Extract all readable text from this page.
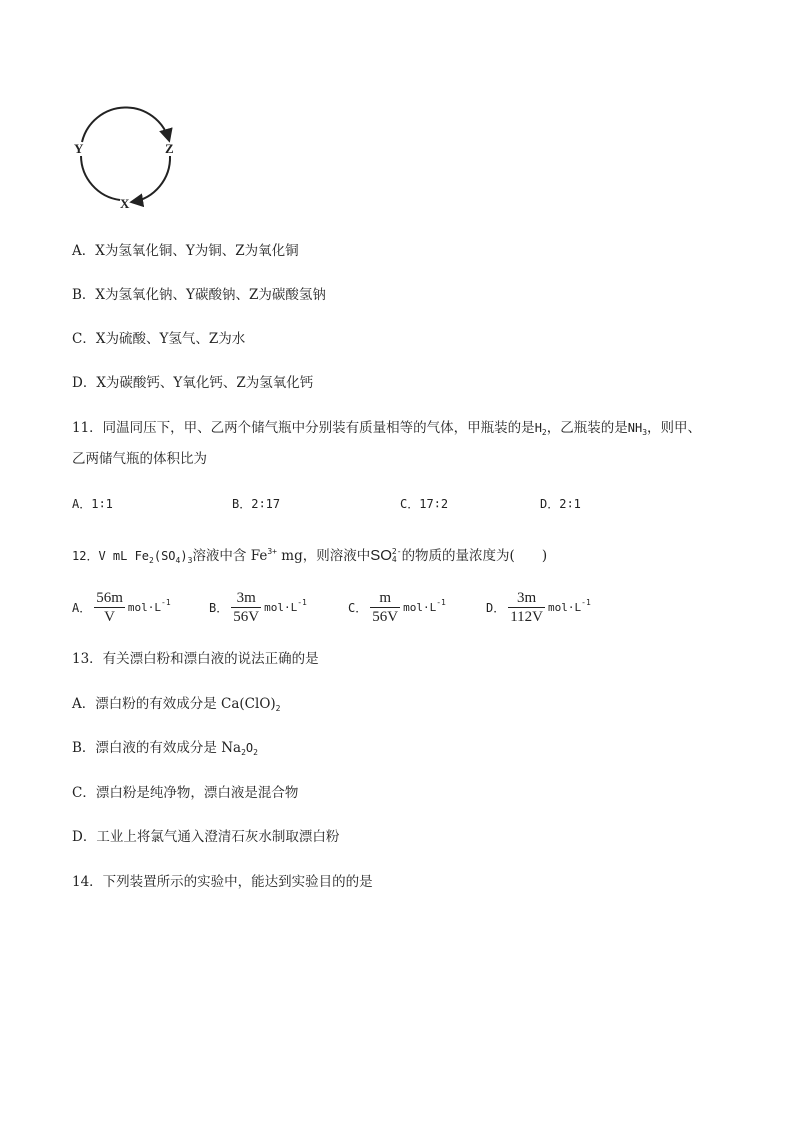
Y	Z
X
A．X为氢氧化铜、Y为铜、Z为氧化铜
B．X为氢氧化钠、Y碳酸钠、Z为碳酸氢钠
C．X为硫酸、Y氢气、Z为水
D．X为碳酸钙、Y氧化钙、Z为氢氧化钙
11．同温同压下，甲、乙两个储气瓶中分别装有质量相等的气体，甲瓶装的是$H_2$，乙瓶装的是$NH_3$，则甲、
乙两储气瓶的体积比为
A．1∶1	B．2∶17	C．17∶2	D．2∶1
12．V mL $Fe_2(SO_4)_3$溶液中含 $Fe^{3+}$ mg，则溶液中SO 2-
4 的物质的量浓度为(　　)
A． $\frac{56m}{V} mol\cdot L^{-1}$	B． $\frac{3m}{56V} mol\cdot L^{-1}$	C． $\frac{m}{56V} mol\cdot L^{-1}$	D． $\frac{3m}{112V} mol\cdot L^{-1}$
13．有关漂白粉和漂白液的说法正确的是
A．漂白粉的有效成分是 $Ca(ClO)_2$
B．漂白液的有效成分是 $Na_2O_2$
C．漂白粉是纯净物，漂白液是混合物
D．工业上将氯气通入澄清石灰水制取漂白粉
14．下列装置所示的实验中，能达到实验目的的是
